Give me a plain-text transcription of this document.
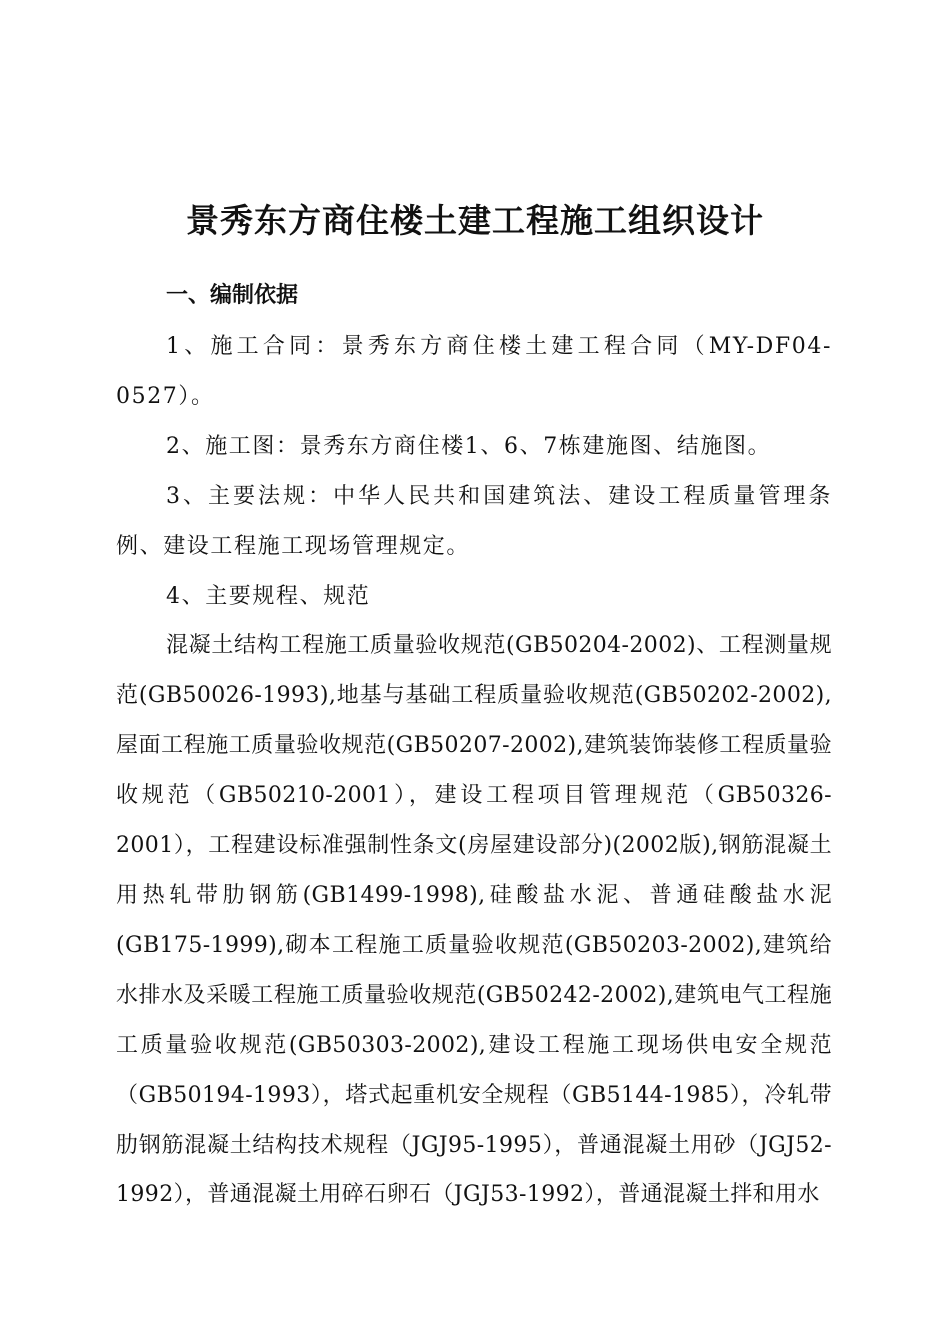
景秀东方商住楼土建工程施工组织设计
一、编制依据

1、施工合同：景秀东方商住楼土建工程合同（MY-DF04-0527）。

2、施工图：景秀东方商住楼1、6、7栋建施图、结施图。

3、主要法规：中华人民共和国建筑法、建设工程质量管理条例、建设工程施工现场管理规定。

4、主要规程、规范

混凝土结构工程施工质量验收规范(GB50204-2002)、工程测量规范(GB50026-1993),地基与基础工程质量验收规范(GB50202-2002),屋面工程施工质量验收规范(GB50207-2002),建筑装饰装修工程质量验收规范（GB50210-2001），建设工程项目管理规范（GB50326-2001），工程建设标准强制性条文(房屋建设部分)(2002版),钢筋混凝土用热轧带肋钢筋(GB1499-1998),硅酸盐水泥、普通硅酸盐水泥(GB175-1999),砌本工程施工质量验收规范(GB50203-2002),建筑给水排水及采暖工程施工质量验收规范(GB50242-2002),建筑电气工程施工质量验收规范(GB50303-2002),建设工程施工现场供电安全规范（GB50194-1993），塔式起重机安全规程（GB5144-1985），冷轧带肋钢筋混凝土结构技术规程（JGJ95-1995），普通混凝土用砂（JGJ52-1992），普通混凝土用碎石卵石（JGJ53-1992），普通混凝土拌和用水
